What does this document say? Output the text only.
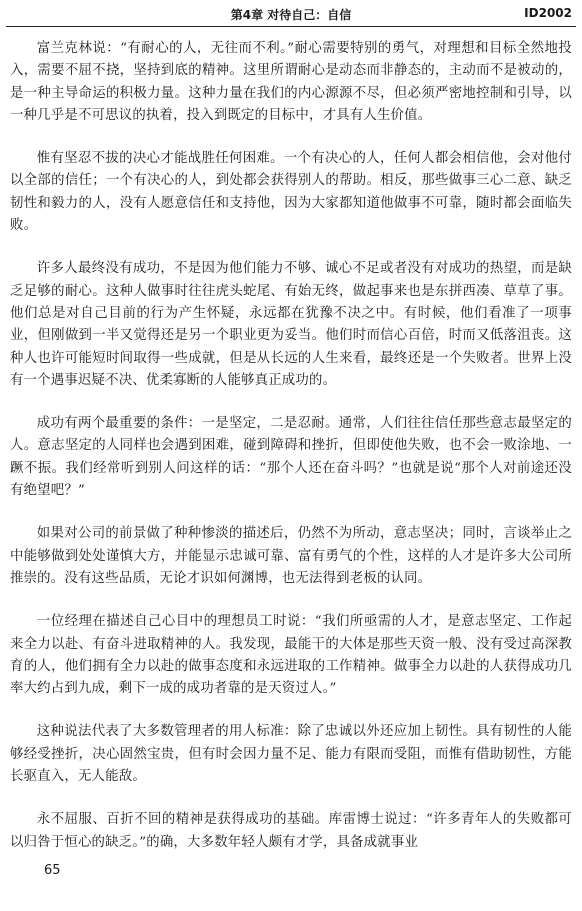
第4章 对待自己：自信	ID2002

富兰克林说：“有耐心的人，无往而不利。”耐心需要特别的勇气，对理想和目标全然地投入，需要不屈不挠，坚持到底的精神。这里所谓耐心是动态而非静态的，主动而不是被动的，是一种主导命运的积极力量。这种力量在我们的内心源源不尽，但必须严密地控制和引导，以一种几乎是不可思议的执着，投入到既定的目标中，才具有人生价值。

惟有坚忍不拔的决心才能战胜任何困难。一个有决心的人，任何人都会相信他，会对他付以全部的信任；一个有决心的人，到处都会获得别人的帮助。相反，那些做事三心二意、缺乏韧性和毅力的人，没有人愿意信任和支持他，因为大家都知道他做事不可靠，随时都会面临失败。

许多人最终没有成功，不是因为他们能力不够、诚心不足或者没有对成功的热望，而是缺乏足够的耐心。这种人做事时往往虎头蛇尾、有始无终，做起事来也是东拼西凑、草草了事。他们总是对自己目前的行为产生怀疑，永远都在犹豫不决之中。有时候，他们看准了一项事业，但刚做到一半又觉得还是另一个职业更为妥当。他们时而信心百倍，时而又低落沮丧。这种人也许可能短时间取得一些成就，但是从长远的人生来看，最终还是一个失败者。世界上没有一个遇事迟疑不决、优柔寡断的人能够真正成功的。

成功有两个最重要的条件：一是坚定，二是忍耐。通常，人们往往信任那些意志最坚定的人。意志坚定的人同样也会遇到困难，碰到障碍和挫折，但即使他失败，也不会一败涂地、一蹶不振。我们经常听到别人问这样的话：“那个人还在奋斗吗？”也就是说“那个人对前途还没有绝望吧？”

如果对公司的前景做了种种惨淡的描述后，仍然不为所动，意志坚决；同时，言谈举止之中能够做到处处谨慎大方，并能显示忠诚可靠、富有勇气的个性，这样的人才是许多大公司所推崇的。没有这些品质，无论才识如何渊博，也无法得到老板的认同。

一位经理在描述自己心目中的理想员工时说：“我们所亟需的人才，是意志坚定、工作起来全力以赴、有奋斗进取精神的人。我发现，最能干的大体是那些天资一般、没有受过高深教育的人，他们拥有全力以赴的做事态度和永远进取的工作精神。做事全力以赴的人获得成功几率大约占到九成，剩下一成的成功者靠的是天资过人。”

这种说法代表了大多数管理者的用人标准：除了忠诚以外还应加上韧性。具有韧性的人能够经受挫折，决心固然宝贵，但有时会因力量不足、能力有限而受阻，而惟有借助韧性，方能长驱直入，无人能敌。

永不屈服、百折不回的精神是获得成功的基础。库雷博士说过：“许多青年人的失败都可以归咎于恒心的缺乏。”的确，大多数年轻人颇有才学，具备成就事业

65
